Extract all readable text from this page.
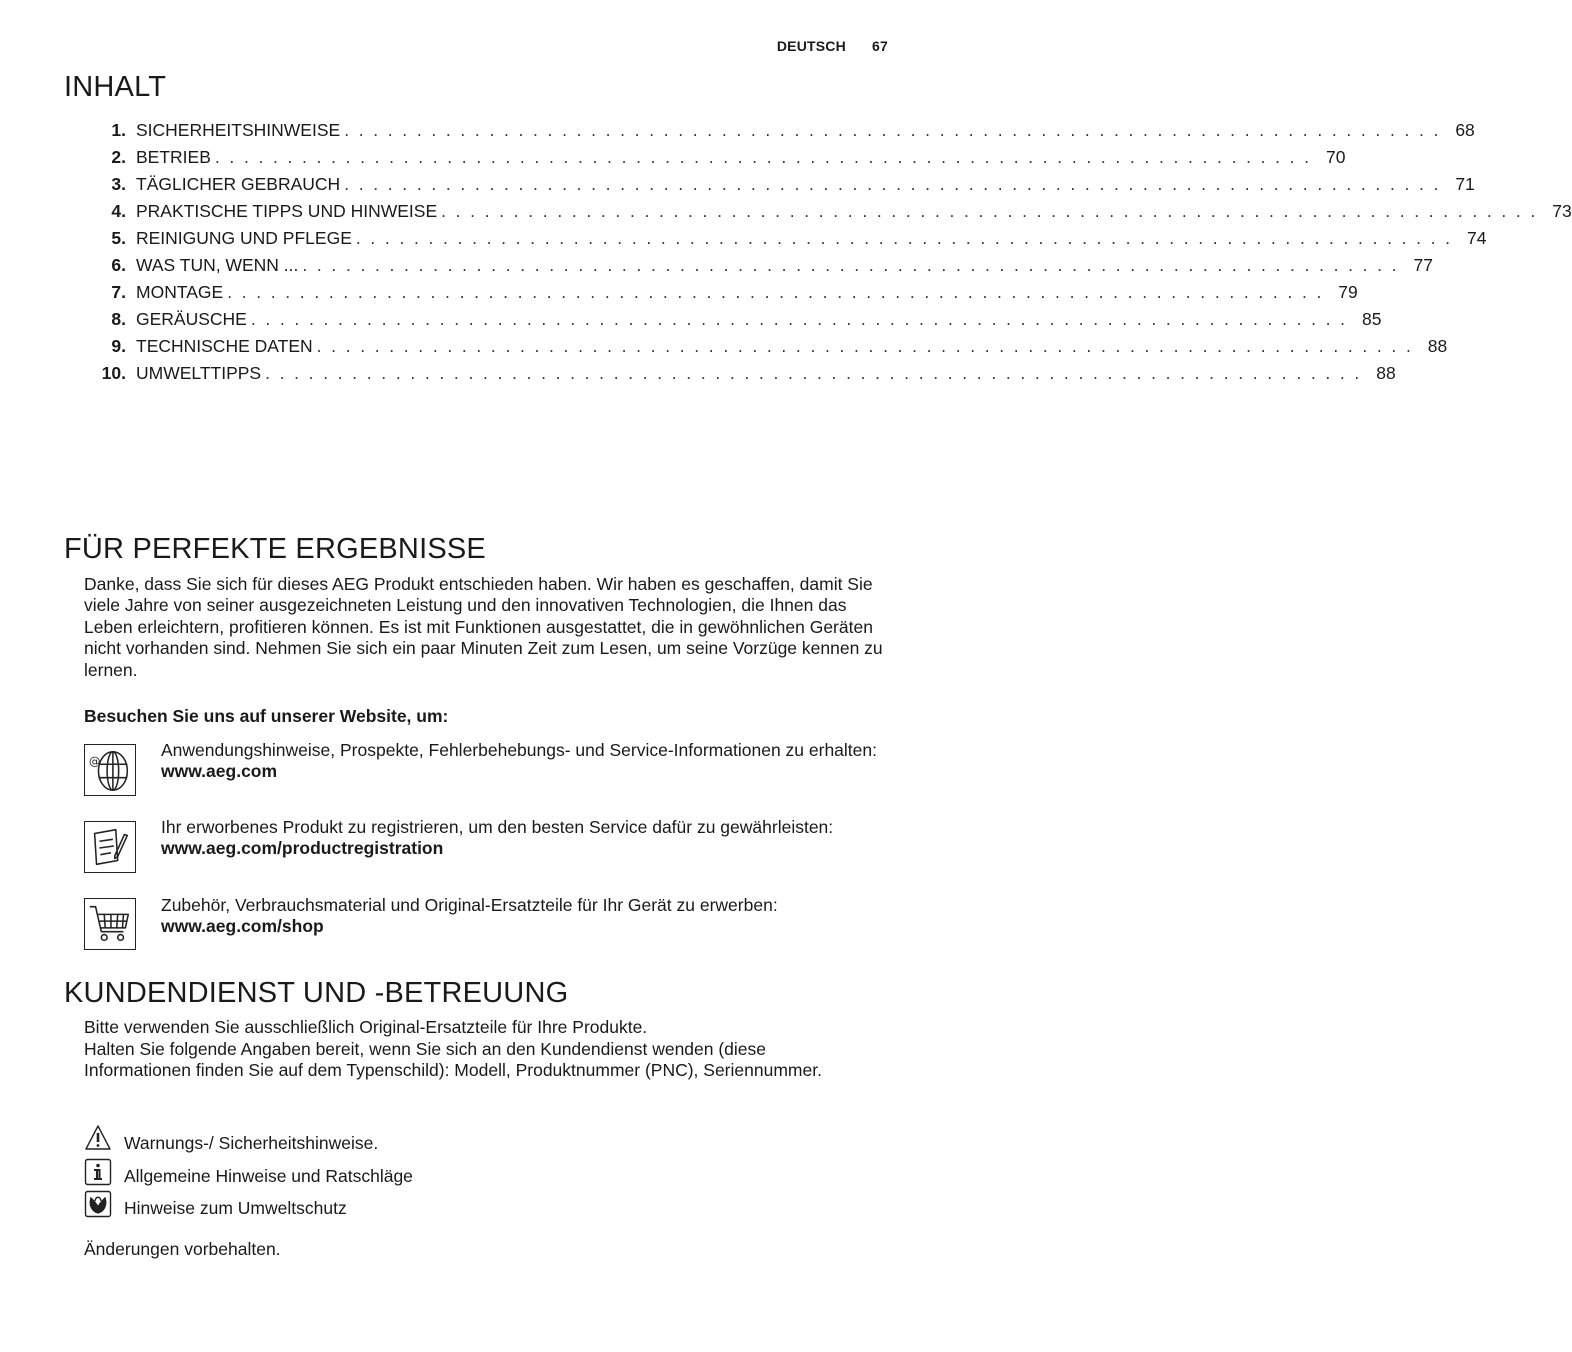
DEUTSCH 67
INHALT
1. SICHERHEITSHINWEISE . . . . . . . . . . . . . . . . . . . . . . . . . . . . . . . . . . . . . . . . . . . . . . . . . . . . . . . . . . . . . . . . . . . . . . . . . . . . 68
2. BETRIEB . . . . . . . . . . . . . . . . . . . . . . . . . . . . . . . . . . . . . . . . . . . . . . . . . . . . . . . . . . . . . . . . . . . . . . . . . . . . 70
3. TÄGLICHER GEBRAUCH . . . . . . . . . . . . . . . . . . . . . . . . . . . . . . . . . . . . . . . . . . . . . . . . . . . . . . . . . . . . . . . . . . . . . . . . . . . . 71
4. PRAKTISCHE TIPPS UND HINWEISE . . . . . . . . . . . . . . . . . . . . . . . . . . . . . . . . . . . . . . . . . . . . . . . . . . . . . . . . . . . . . . . . . . . . . . . . . . . . 73
5. REINIGUNG UND PFLEGE . . . . . . . . . . . . . . . . . . . . . . . . . . . . . . . . . . . . . . . . . . . . . . . . . . . . . . . . . . . . . . . . . . . . . . . . . . . . 74
6. WAS TUN, WENN ... . . . . . . . . . . . . . . . . . . . . . . . . . . . . . . . . . . . . . . . . . . . . . . . . . . . . . . . . . . . . . . . . . . . . . . . . . . . . 77
7. MONTAGE . . . . . . . . . . . . . . . . . . . . . . . . . . . . . . . . . . . . . . . . . . . . . . . . . . . . . . . . . . . . . . . . . . . . . . . . . . . . 79
8. GERÄUSCHE . . . . . . . . . . . . . . . . . . . . . . . . . . . . . . . . . . . . . . . . . . . . . . . . . . . . . . . . . . . . . . . . . . . . . . . . . . . . 85
9. TECHNISCHE DATEN . . . . . . . . . . . . . . . . . . . . . . . . . . . . . . . . . . . . . . . . . . . . . . . . . . . . . . . . . . . . . . . . . . . . . . . . . . . . 88
10. UMWELTTIPPS . . . . . . . . . . . . . . . . . . . . . . . . . . . . . . . . . . . . . . . . . . . . . . . . . . . . . . . . . . . . . . . . . . . . . . . . . . . . 88
FÜR PERFEKTE ERGEBNISSE
Danke, dass Sie sich für dieses AEG Produkt entschieden haben. Wir haben es geschaffen, damit Sie viele Jahre von seiner ausgezeichneten Leistung und den innovativen Technologien, die Ihnen das Leben erleichtern, profitieren können. Es ist mit Funktionen ausgestattet, die in gewöhnlichen Geräten nicht vorhanden sind. Nehmen Sie sich ein paar Minuten Zeit zum Lesen, um seine Vorzüge kennen zu lernen.
Besuchen Sie uns auf unserer Website, um:
@
Anwendungshinweise, Prospekte, Fehlerbehebungs- und Service-Informationen zu erhalten:
www.aeg.com
Ihr erworbenes Produkt zu registrieren, um den besten Service dafür zu gewährleisten:
www.aeg.com/productregistration
Zubehör, Verbrauchsmaterial und Original-Ersatzteile für Ihr Gerät zu erwerben:
www.aeg.com/shop
KUNDENDIENST UND -BETREUUNG
Bitte verwenden Sie ausschließlich Original-Ersatzteile für Ihre Produkte.
Halten Sie folgende Angaben bereit, wenn Sie sich an den Kundendienst wenden (diese Informationen finden Sie auf dem Typenschild): Modell, Produktnummer (PNC), Seriennummer.
Warnungs-/ Sicherheitshinweise.
Allgemeine Hinweise und Ratschläge
Hinweise zum Umweltschutz
Änderungen vorbehalten.
